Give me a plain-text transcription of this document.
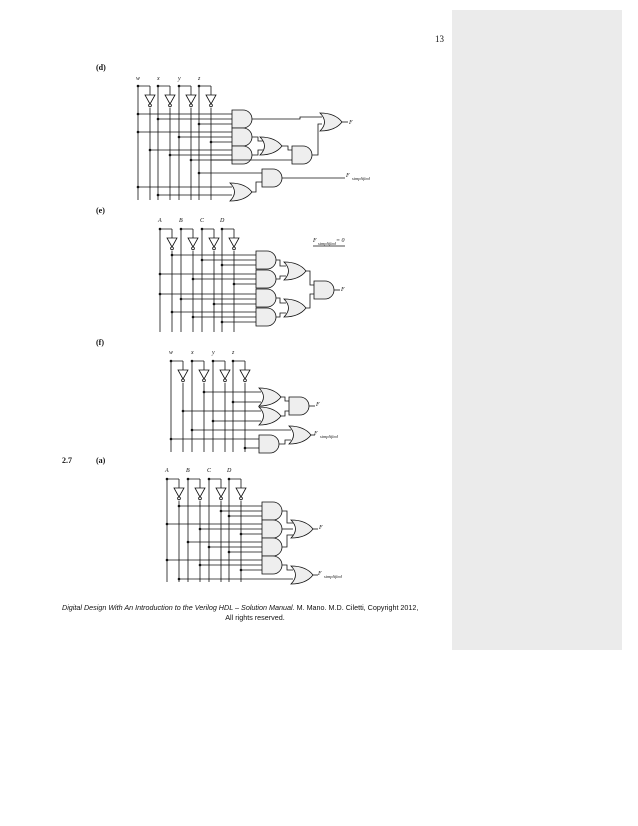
13
(d)
(e)
(f)
2.7	(a)
w	x	y	z
F
F simplified
A	B	C	D
F
F simplified = 0
w	x	y	z
F
F simplified
A	B	C	D
F
F simplified
Digital Design With An Introduction to the Verilog HDL – Solution Manual. M. Mano. M.D. Ciletti, Copyright 2012,
All rights reserved.
